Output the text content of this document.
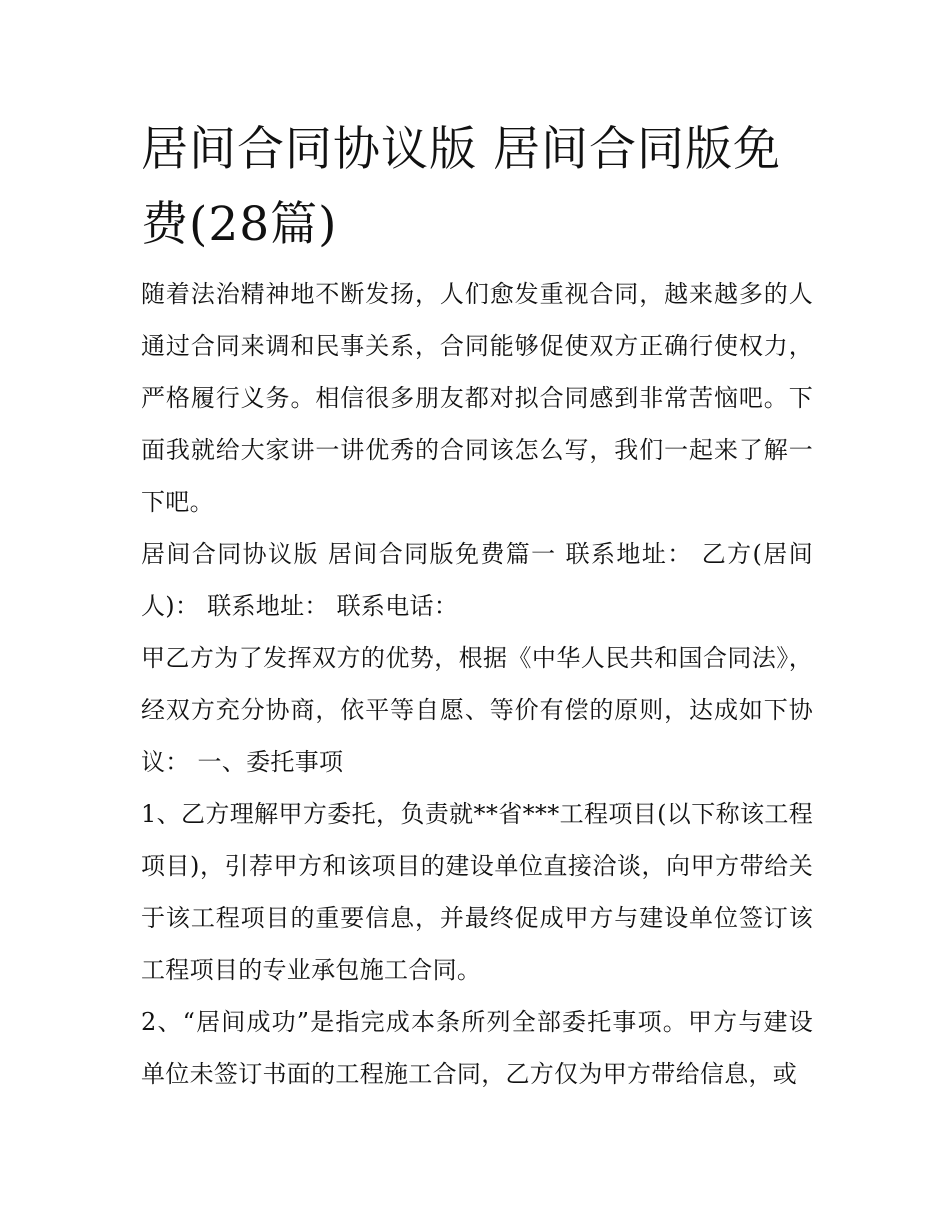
居间合同协议版 居间合同版免费(28篇)

随着法治精神地不断发扬，人们愈发重视合同，越来越多的人通过合同来调和民事关系，合同能够促使双方正确行使权力，严格履行义务。相信很多朋友都对拟合同感到非常苦恼吧。下面我就给大家讲一讲优秀的合同该怎么写，我们一起来了解一下吧。

居间合同协议版 居间合同版免费篇一 联系地址： 乙方(居间人)： 联系地址： 联系电话：

甲乙方为了发挥双方的优势，根据《中华人民共和国合同法》，经双方充分协商，依平等自愿、等价有偿的原则，达成如下协议： 一、委托事项

1、乙方理解甲方委托，负责就**省***工程项目(以下称该工程项目)，引荐甲方和该项目的建设单位直接洽谈，向甲方带给关于该工程项目的重要信息，并最终促成甲方与建设单位签订该工程项目的专业承包施工合同。

2、“居间成功”是指完成本条所列全部委托事项。甲方与建设单位未签订书面的工程施工合同，乙方仅为甲方带给信息，或
